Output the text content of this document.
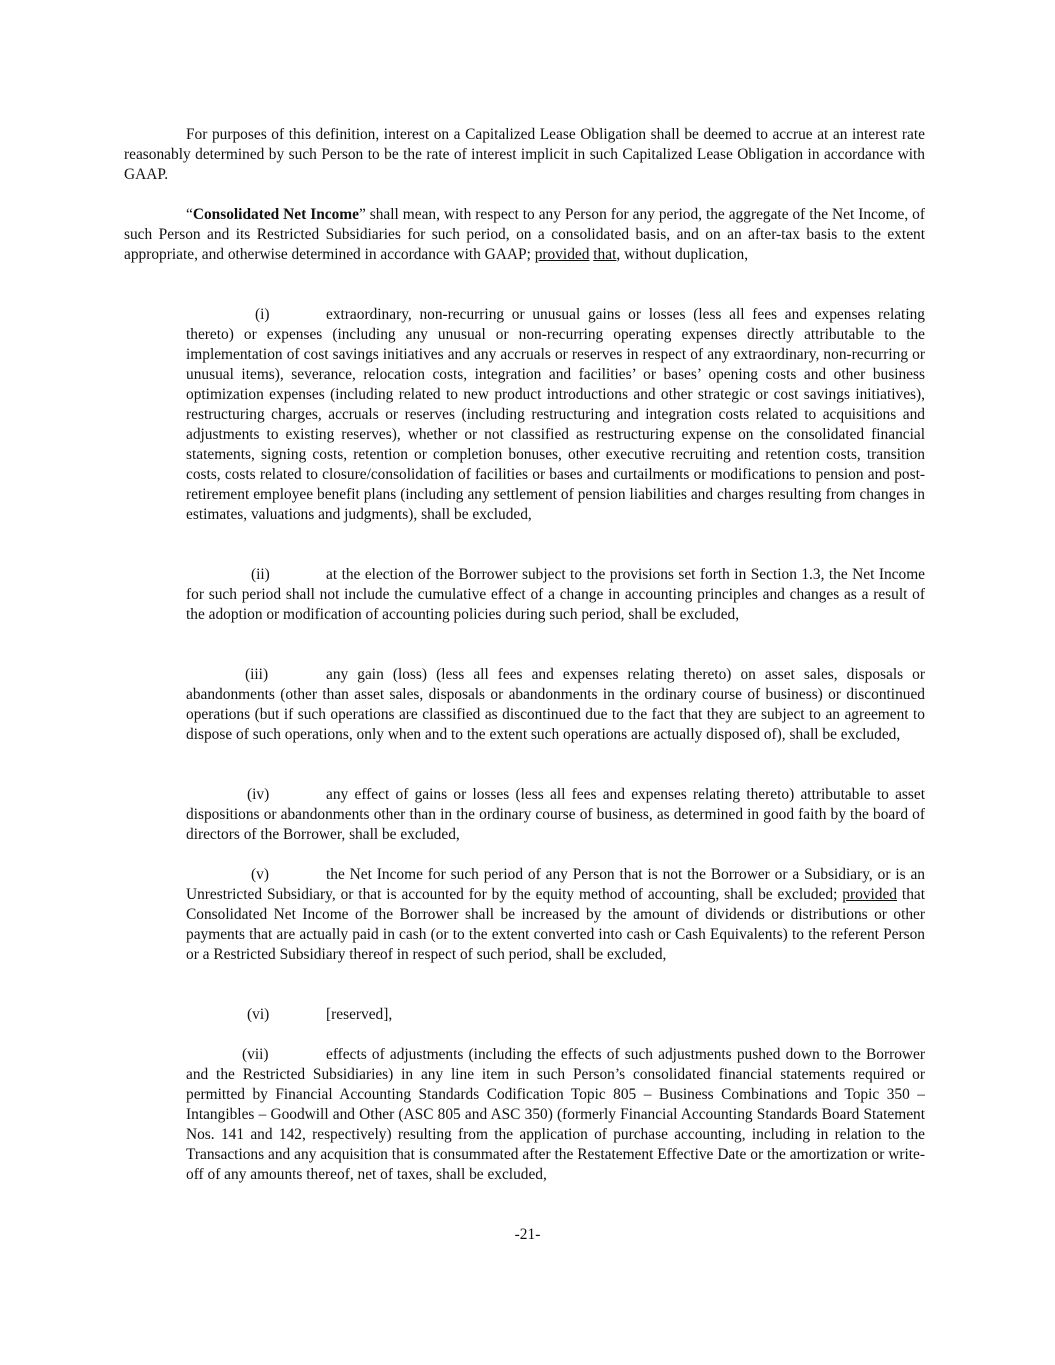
For purposes of this definition, interest on a Capitalized Lease Obligation shall be deemed to accrue at an interest rate reasonably determined by such Person to be the rate of interest implicit in such Capitalized Lease Obligation in accordance with GAAP.

“Consolidated Net Income” shall mean, with respect to any Person for any period, the aggregate of the Net Income, of such Person and its Restricted Subsidiaries for such period, on a consolidated basis, and on an after-tax basis to the extent appropriate, and otherwise determined in accordance with GAAP; provided that, without duplication,

(i)	extraordinary, non-recurring or unusual gains or losses (less all fees and expenses relating thereto) or expenses (including any unusual or non-recurring operating expenses directly attributable to the implementation of cost savings initiatives and any accruals or reserves in respect of any extraordinary, non-recurring or unusual items), severance, relocation costs, integration and facilities’ or bases’ opening costs and other business optimization expenses (including related to new product introductions and other strategic or cost savings initiatives), restructuring charges, accruals or reserves (including restructuring and integration costs related to acquisitions and adjustments to existing reserves), whether or not classified as restructuring expense on the consolidated financial statements, signing costs, retention or completion bonuses, other executive recruiting and retention costs, transition costs, costs related to closure/consolidation of facilities or bases and curtailments or modifications to pension and post-retirement employee benefit plans (including any settlement of pension liabilities and charges resulting from changes in estimates, valuations and judgments), shall be excluded,

(ii)	at the election of the Borrower subject to the provisions set forth in Section 1.3, the Net Income for such period shall not include the cumulative effect of a change in accounting principles and changes as a result of the adoption or modification of accounting policies during such period, shall be excluded,

(iii)	any gain (loss) (less all fees and expenses relating thereto) on asset sales, disposals or abandonments (other than asset sales, disposals or abandonments in the ordinary course of business) or discontinued operations (but if such operations are classified as discontinued due to the fact that they are subject to an agreement to dispose of such operations, only when and to the extent such operations are actually disposed of), shall be excluded,

(iv)	any effect of gains or losses (less all fees and expenses relating thereto) attributable to asset dispositions or abandonments other than in the ordinary course of business, as determined in good faith by the board of directors of the Borrower, shall be excluded,

(v)	the Net Income for such period of any Person that is not the Borrower or a Subsidiary, or is an Unrestricted Subsidiary, or that is accounted for by the equity method of accounting, shall be excluded; provided that Consolidated Net Income of the Borrower shall be increased by the amount of dividends or distributions or other payments that are actually paid in cash (or to the extent converted into cash or Cash Equivalents) to the referent Person or a Restricted Subsidiary thereof in respect of such period, shall be excluded,

(vi)	[reserved],

(vii)	effects of adjustments (including the effects of such adjustments pushed down to the Borrower and the Restricted Subsidiaries) in any line item in such Person’s consolidated financial statements required or permitted by Financial Accounting Standards Codification Topic 805 – Business Combinations and Topic 350 – Intangibles – Goodwill and Other (ASC 805 and ASC 350) (formerly Financial Accounting Standards Board Statement Nos. 141 and 142, respectively) resulting from the application of purchase accounting, including in relation to the Transactions and any acquisition that is consummated after the Restatement Effective Date or the amortization or write-off of any amounts thereof, net of taxes, shall be excluded,

-21-
